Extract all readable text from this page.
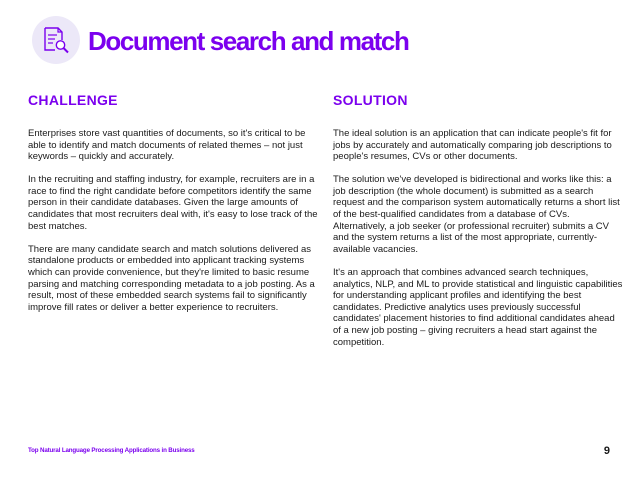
Document search and match
CHALLENGE

Enterprises store vast quantities of documents, so it's critical to be able to identify and match documents of related themes – not just keywords – quickly and accurately.

In the recruiting and staffing industry, for example, recruiters are in a race to find the right candidate before competitors identify the same person in their candidate databases. Given the large amounts of candidates that most recruiters deal with, it's easy to lose track of the best matches.

There are many candidate search and match solutions delivered as standalone products or embedded into applicant tracking systems which can provide convenience, but they're limited to basic resume parsing and matching corresponding metadata to a job posting. As a result, most of these embedded search systems fail to significantly improve fill rates or deliver a better experience to recruiters.

SOLUTION

The ideal solution is an application that can indicate people's fit for jobs by accurately and automatically comparing job descriptions to people's resumes, CVs or other documents.

The solution we've developed is bidirectional and works like this: a job description (the whole document) is submitted as a search request and the comparison system automatically returns a short list of the best-qualified candidates from a database of CVs. Alternatively, a job seeker (or professional recruiter) submits a CV and the system returns a list of the most appropriate, currently-available vacancies.

It's an approach that combines advanced search techniques, analytics, NLP, and ML to provide statistical and linguistic capabilities for understanding applicant profiles and identifying the best candidates. Predictive analytics uses previously successful candidates' placement histories to find additional candidates ahead of a new job posting – giving recruiters a head start against the competition.

Top Natural Language Processing Applications in Business	9
